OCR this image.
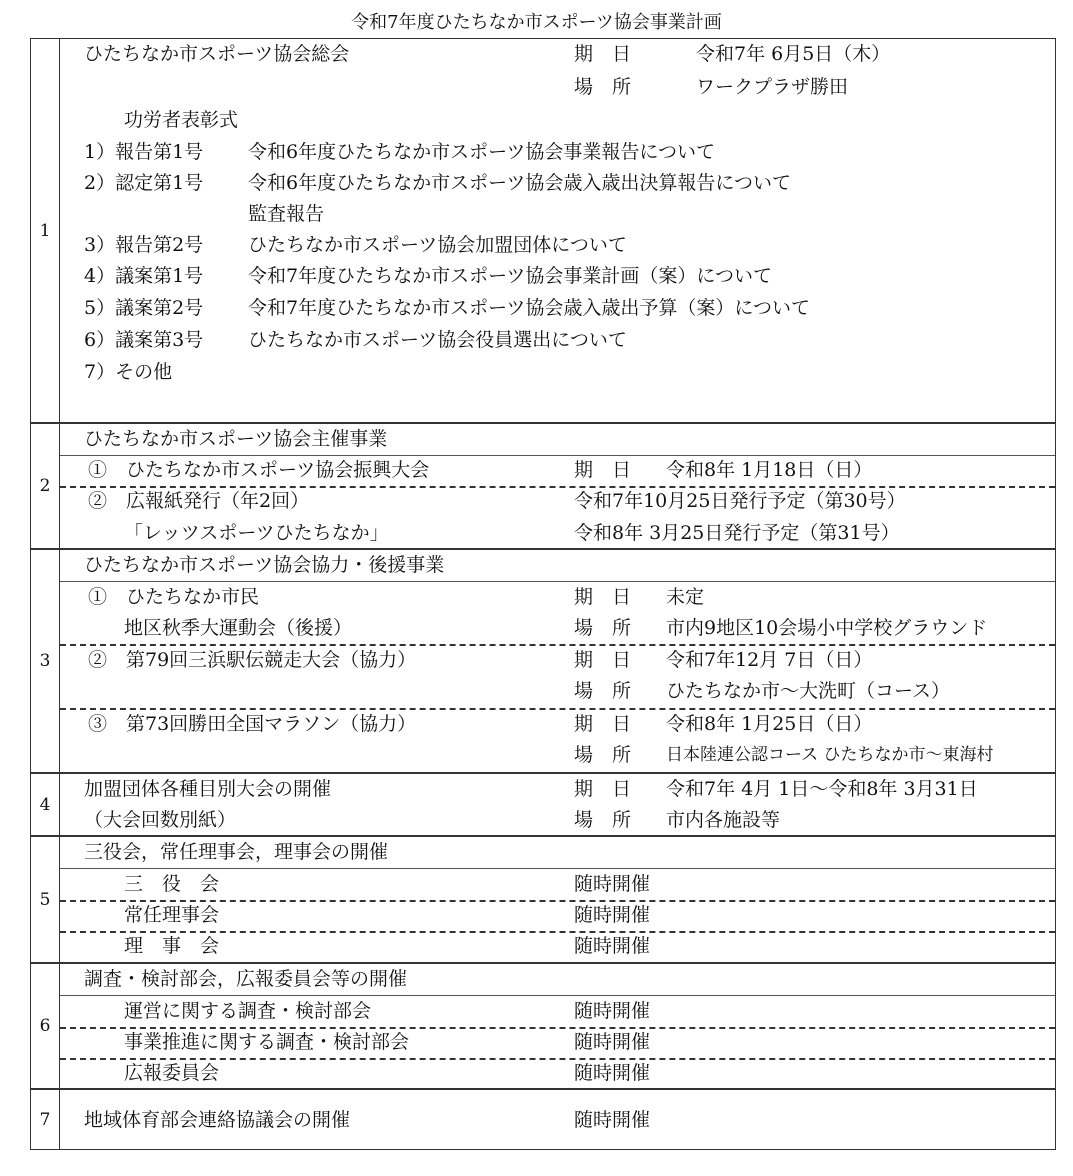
令和7年度ひたちなか市スポーツ協会事業計画
1
ひたちなか市スポーツ協会総会	期　日	令和7年 6月5日（木）
場　所	ワークプラザ勝田
功労者表彰式
1）報告第1号 令和6年度ひたちなか市スポーツ協会事業報告について
2）認定第1号 令和6年度ひたちなか市スポーツ協会歳入歳出決算報告について
監査報告
3）報告第2号 ひたちなか市スポーツ協会加盟団体について
4）議案第1号 令和7年度ひたちなか市スポーツ協会事業計画（案）について
5）議案第2号 令和7年度ひたちなか市スポーツ協会歳入歳出予算（案）について
6）議案第3号 ひたちなか市スポーツ協会役員選出について
7）その他
2
ひたちなか市スポーツ協会主催事業
①　ひたちなか市スポーツ協会振興大会	期　日 令和8年 1月18日（日）
②　広報紙発行（年2回）	令和7年10月25日発行予定（第30号）
「レッツスポーツひたちなか」	令和8年 3月25日発行予定（第31号）
3
ひたちなか市スポーツ協会協力・後援事業
①　ひたちなか市民	期　日 未定
地区秋季大運動会（後援）	場　所 市内9地区10会場小中学校グラウンド
②　第79回三浜駅伝競走大会（協力）	期　日 令和7年12月 7日（日）
場　所 ひたちなか市～大洗町（コース）
③　第73回勝田全国マラソン（協力）	期　日 令和8年 1月25日（日）
場　所 日本陸連公認コース ひたちなか市～東海村
4
加盟団体各種目別大会の開催	期　日 令和7年 4月 1日～令和8年 3月31日
（大会回数別紙）	場　所 市内各施設等
5
三役会，常任理事会，理事会の開催
三　役　会	随時開催
常任理事会	随時開催
理　事　会	随時開催
6
調査・検討部会，広報委員会等の開催
運営に関する調査・検討部会	随時開催
事業推進に関する調査・検討部会	随時開催
広報委員会	随時開催
7	地域体育部会連絡協議会の開催	随時開催
